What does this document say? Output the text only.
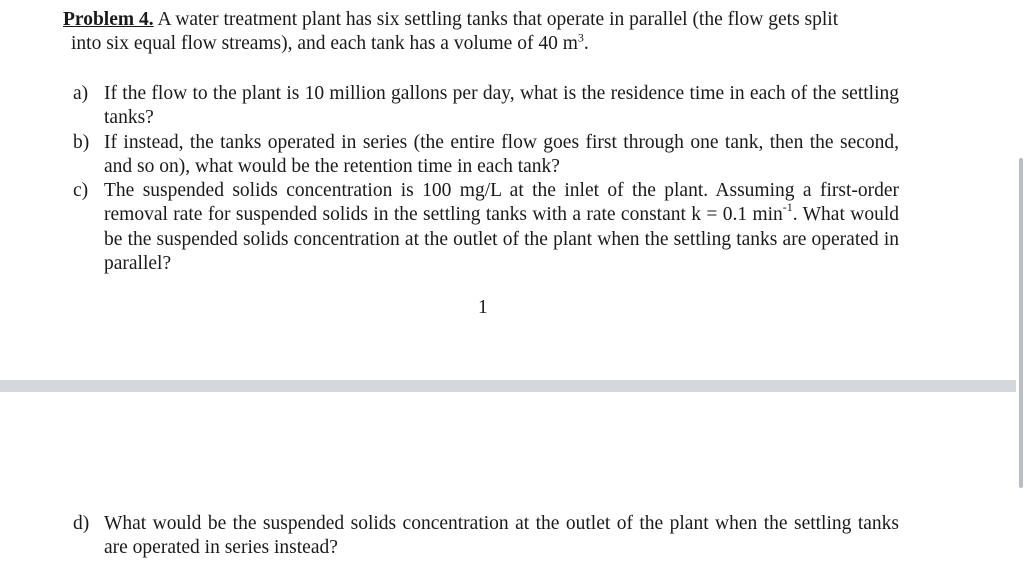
Problem 4. A water treatment plant has six settling tanks that operate in parallel (the flow gets split
into six equal flow streams), and each tank has a volume of 40 $m^3$.
a) If the flow to the plant is 10 million gallons per day, what is the residence time in each of the settling tanks?
b) If instead, the tanks operated in series (the entire flow goes first through one tank, then the second, and so on), what would be the retention time in each tank?
c) The suspended solids concentration is 100 mg/L at the inlet of the plant. Assuming a first-order removal rate for suspended solids in the settling tanks with a rate constant k = 0.1 $\min^{-1}$. What would be the suspended solids concentration at the outlet of the plant when the settling tanks are operated in parallel?
1
d) What would be the suspended solids concentration at the outlet of the plant when the settling tanks are operated in series instead?
